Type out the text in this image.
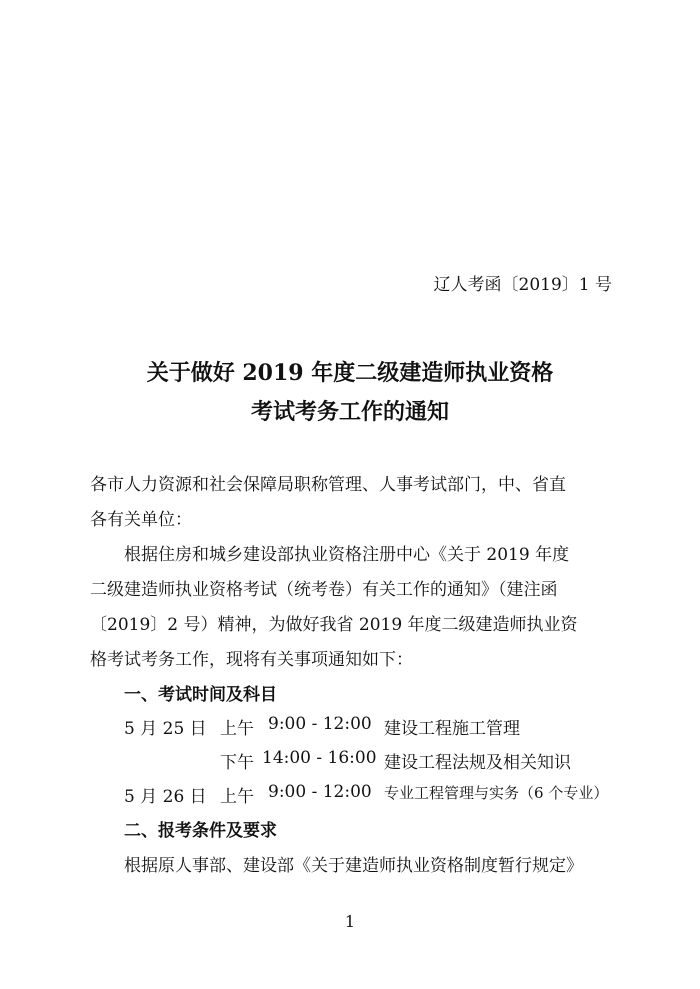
辽人考函〔2019〕1 号
关于做好 2019 年度二级建造师执业资格
考试考务工作的通知
各市人力资源和社会保障局职称管理、人事考试部门，中、省直
各有关单位：
根据住房和城乡建设部执业资格注册中心《关于 2019 年度
二级建造师执业资格考试（统考卷）有关工作的通知》（建注函
〔2019〕2 号）精神，为做好我省 2019 年度二级建造师执业资
格考试考务工作，现将有关事项通知如下：
一、考试时间及科目
5 月 25 日 上午 9:00 - 12:00 建设工程施工管理
下午 14:00 - 16:00 建设工程法规及相关知识
5 月 26 日 上午 9:00 - 12:00 专业工程管理与实务（6 个专业）
二、报考条件及要求
根据原人事部、建设部《关于建造师执业资格制度暂行规定》
1
